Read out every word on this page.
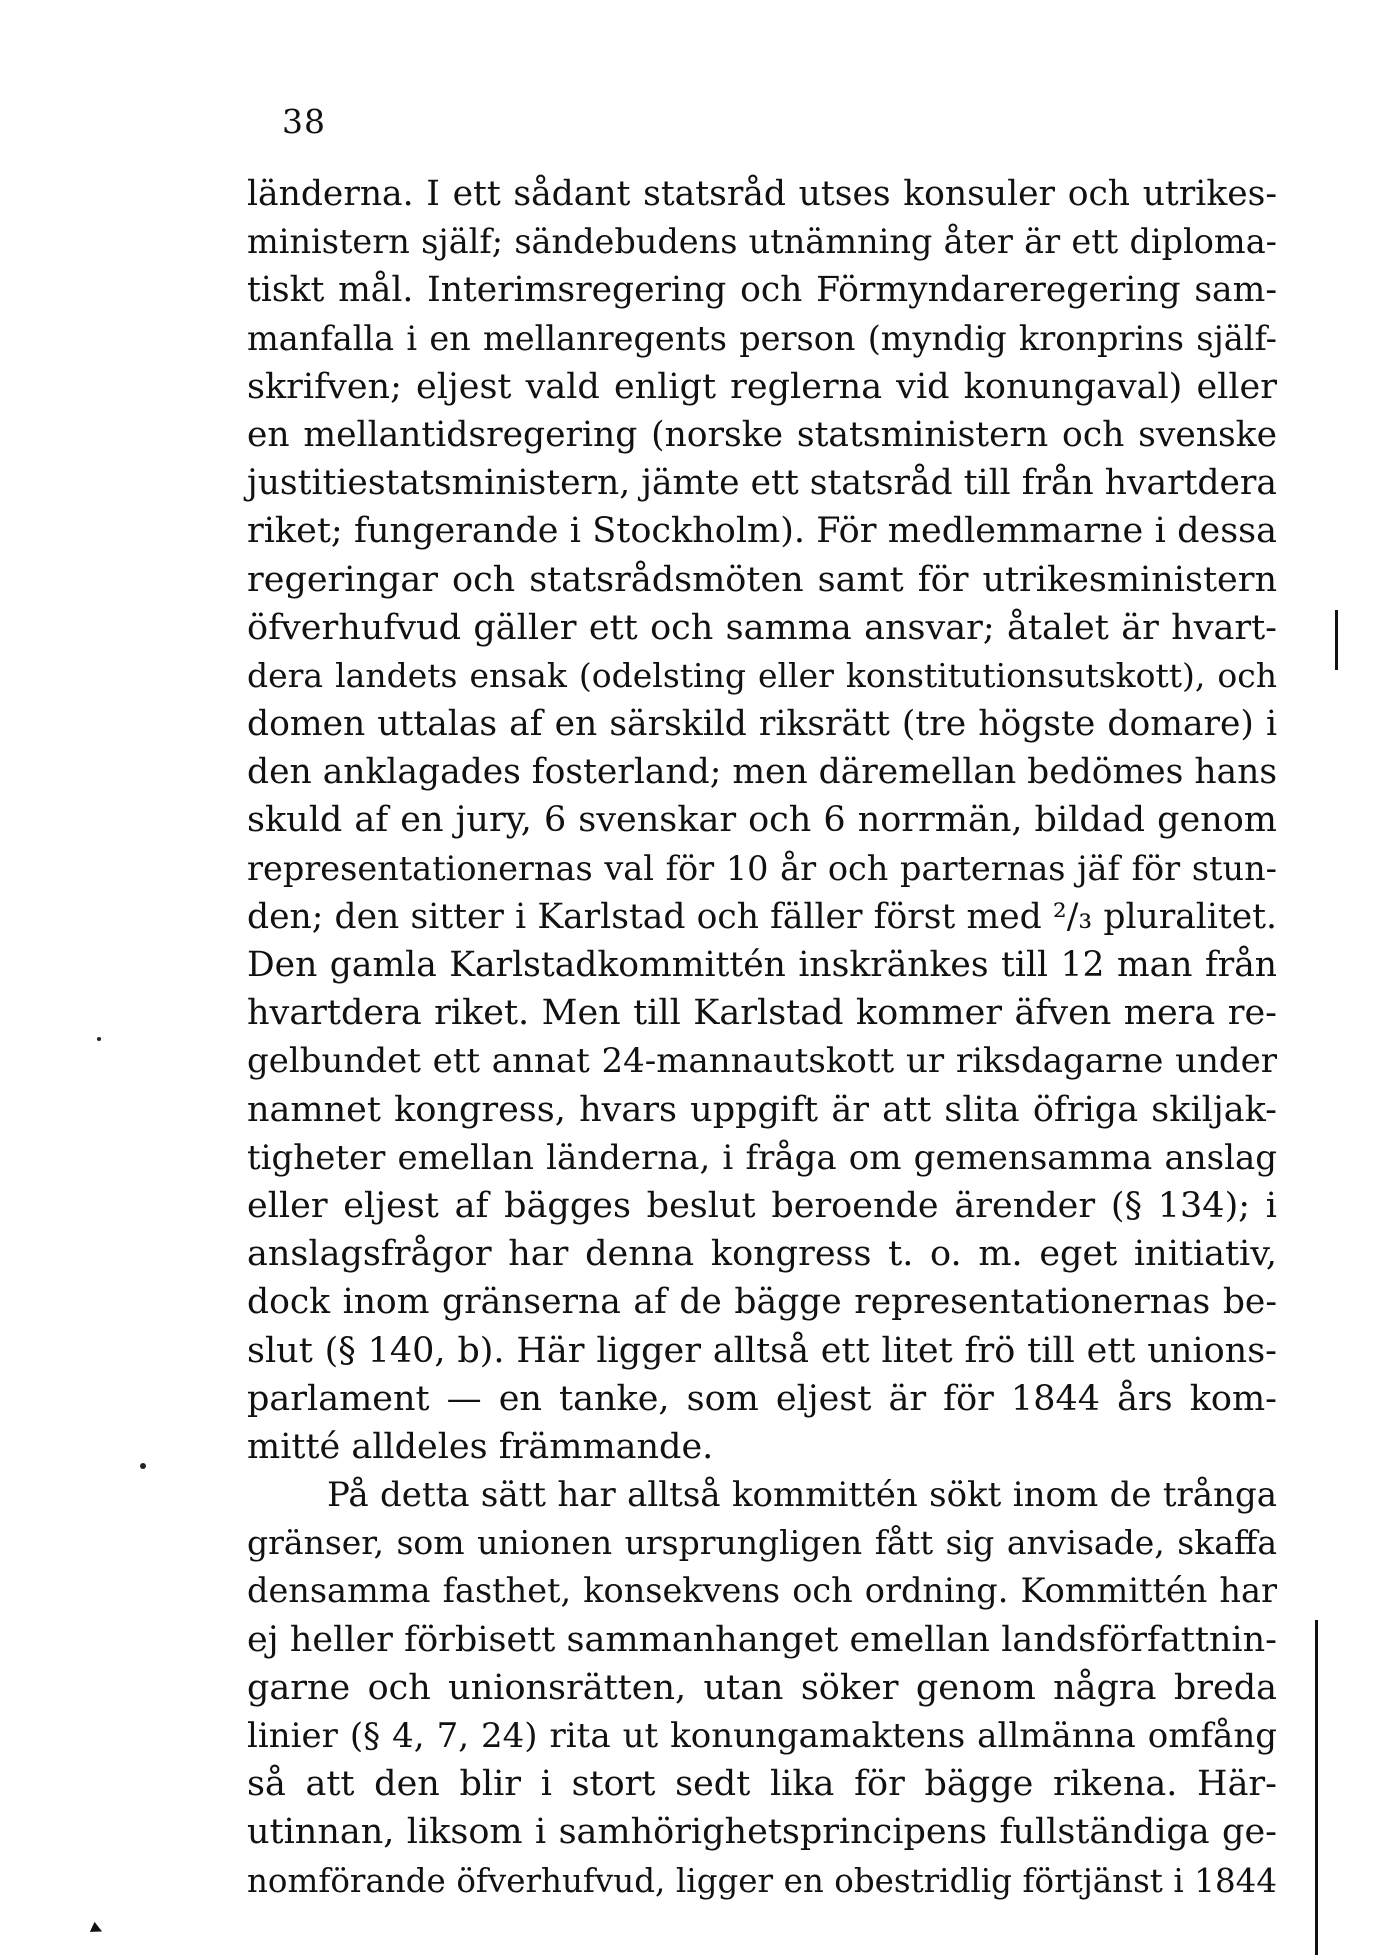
38
länderna. I ett sådant statsråd utses konsuler och utrikes-
ministern själf; sändebudens utnämning åter är ett diploma-
tiskt mål. Interimsregering och Förmyndareregering sam-
manfalla i en mellanregents person (myndig kronprins själf-
skrifven; eljest vald enligt reglerna vid konungaval) eller
en mellantidsregering (norske statsministern och svenske
justitiestatsministern, jämte ett statsråd till från hvartdera
riket; fungerande i Stockholm). För medlemmarne i dessa
regeringar och statsrådsmöten samt för utrikesministern
öfverhufvud gäller ett och samma ansvar; åtalet är hvart-
dera landets ensak (odelsting eller konstitutionsutskott), och
domen uttalas af en särskild riksrätt (tre högste domare) i
den anklagades fosterland; men däremellan bedömes hans
skuld af en jury, 6 svenskar och 6 norrmän, bildad genom
representationernas val för 10 år och parternas jäf för stun-
den; den sitter i Karlstad och fäller först med ²/₃ pluralitet.
Den gamla Karlstadkommittén inskränkes till 12 man från
hvartdera riket. Men till Karlstad kommer äfven mera re-
gelbundet ett annat 24-mannautskott ur riksdagarne under
namnet kongress, hvars uppgift är att slita öfriga skiljak-
tigheter emellan länderna, i fråga om gemensamma anslag
eller eljest af bägges beslut beroende ärender (§ 134); i
anslagsfrågor har denna kongress t. o. m. eget initiativ,
dock inom gränserna af de bägge representationernas be-
slut (§ 140, b). Här ligger alltså ett litet frö till ett unions-
parlament — en tanke, som eljest är för 1844 års kom-
mitté alldeles främmande.
På detta sätt har alltså kommittén sökt inom de trånga
gränser, som unionen ursprungligen fått sig anvisade, skaffa
densamma fasthet, konsekvens och ordning. Kommittén har
ej heller förbisett sammanhanget emellan landsförfattnin-
garne och unionsrätten, utan söker genom några breda
linier (§ 4, 7, 24) rita ut konungamaktens allmänna omfång
så att den blir i stort sedt lika för bägge rikena. Här-
utinnan, liksom i samhörighetsprincipens fullständiga ge-
nomförande öfverhufvud, ligger en obestridlig förtjänst i 1844
▸
